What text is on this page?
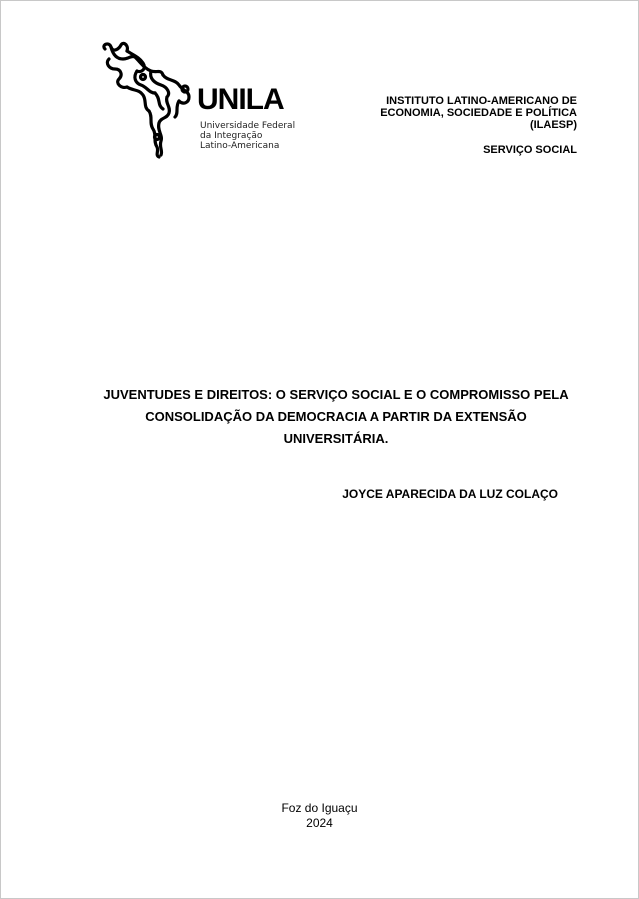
UNILA
Universidade Federal
da Integração
Latino-Americana
INSTITUTO LATINO-AMERICANO DE
ECONOMIA, SOCIEDADE E POLÍTICA
(ILAESP)
SERVIÇO SOCIAL
JUVENTUDES E DIREITOS: O SERVIÇO SOCIAL E O COMPROMISSO PELA
CONSOLIDAÇÃO DA DEMOCRACIA A PARTIR DA EXTENSÃO
UNIVERSITÁRIA.
JOYCE APARECIDA DA LUZ COLAÇO
Foz do Iguaçu
2024
